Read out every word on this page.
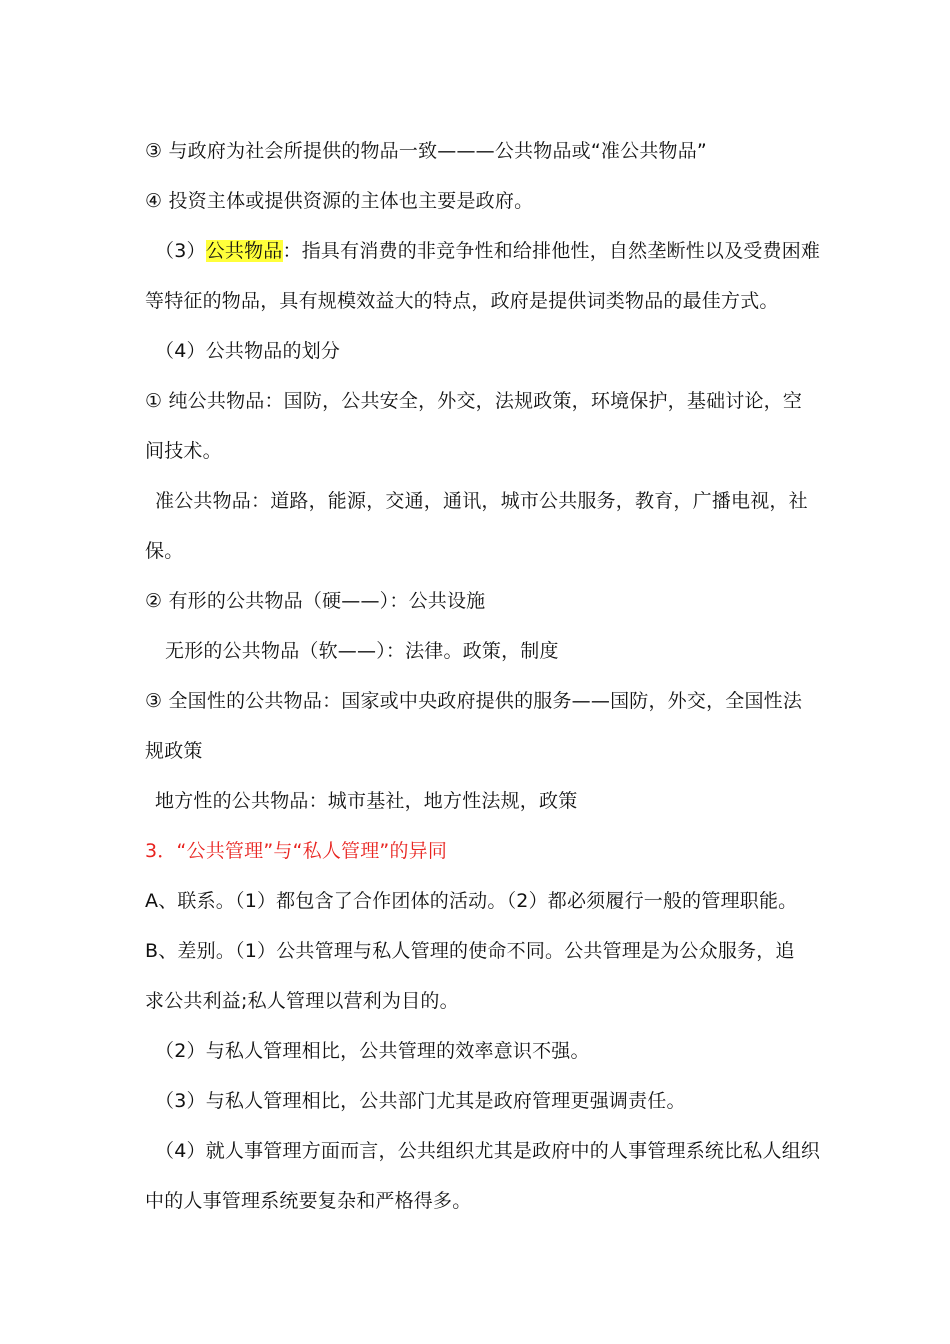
③ 与政府为社会所提供的物品一致———公共物品或“准公共物品”
④ 投资主体或提供资源的主体也主要是政府。
（3）公共物品：指具有消费的非竞争性和给排他性，自然垄断性以及受费困难
等特征的物品，具有规模效益大的特点，政府是提供词类物品的最佳方式。
（4）公共物品的划分
① 纯公共物品：国防，公共安全，外交，法规政策，环境保护，基础讨论，空
间技术。
准公共物品：道路，能源，交通，通讯，城市公共服务，教育，广播电视，社
保。
② 有形的公共物品（硬——）：公共设施
无形的公共物品（软——）：法律。政策，制度
③ 全国性的公共物品：国家或中央政府提供的服务——国防，外交，全国性法
规政策
地方性的公共物品：城市基社，地方性法规，政策
3．“公共管理”与“私人管理”的异同
A、联系。（1）都包含了合作团体的活动。（2）都必须履行一般的管理职能。
B、差别。（1）公共管理与私人管理的使命不同。公共管理是为公众服务，追
求公共利益;私人管理以营利为目的。
（2）与私人管理相比，公共管理的效率意识不强。
（3）与私人管理相比，公共部门尤其是政府管理更强调责任。
（4）就人事管理方面而言，公共组织尤其是政府中的人事管理系统比私人组织
中的人事管理系统要复杂和严格得多。
